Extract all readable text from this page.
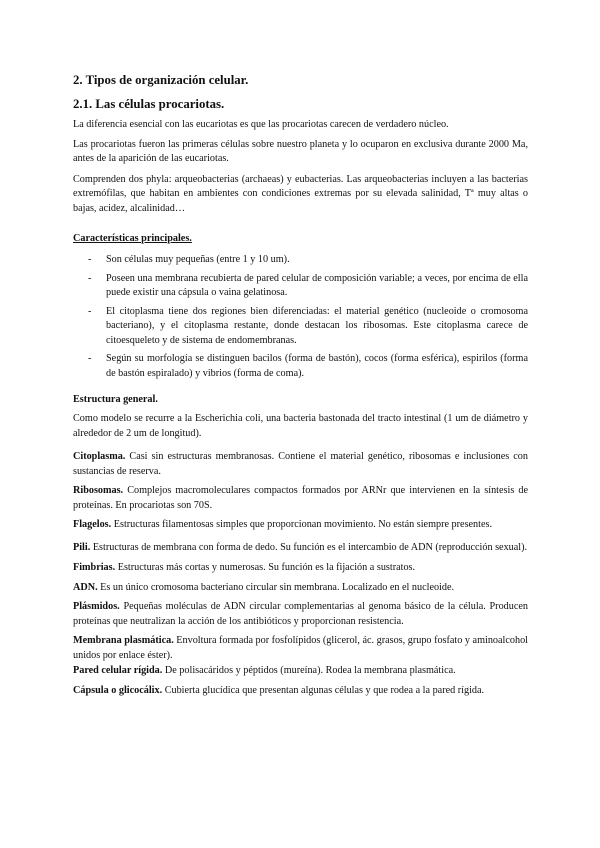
2. Tipos de organización celular.
2.1. Las células procariotas.

La diferencia esencial con las eucariotas es que las procariotas carecen de verdadero núcleo.

Las procariotas fueron las primeras células sobre nuestro planeta y lo ocuparon en exclusiva durante 2000 Ma, antes de la aparición de las eucariotas.

Comprenden dos phyla: arqueobacterias (archaeas) y eubacterias. Las arqueobacterias incluyen a las bacterias extremófilas, que habitan en ambientes con condiciones extremas por su elevada salinidad, Tª muy altas o bajas, acidez, alcalinidad…

Características principales.
- Son células muy pequeñas (entre 1 y 10 um).
- Poseen una membrana recubierta de pared celular de composición variable; a veces, por encima de ella puede existir una cápsula o vaina gelatinosa.
- El citoplasma tiene dos regiones bien diferenciadas: el material genético (nucleoide o cromosoma bacteriano), y el citoplasma restante, donde destacan los ribosomas. Este citoplasma carece de citoesqueleto y de sistema de endomembranas.
- Según su morfología se distinguen bacilos (forma de bastón), cocos (forma esférica), espirilos (forma de bastón espiralado) y vibrios (forma de coma).
Estructura general.

Como modelo se recurre a la Escherichia coli, una bacteria bastonada del tracto intestinal (1 um de diámetro y alrededor de 2 um de longitud).

Citoplasma. Casi sin estructuras membranosas. Contiene el material genético, ribosomas e inclusiones con sustancias de reserva.

Ribosomas. Complejos macromoleculares compactos formados por ARNr que intervienen en la síntesis de proteínas. En procariotas son 70S.

Flagelos. Estructuras filamentosas simples que proporcionan movimiento. No están siempre presentes.

Pili. Estructuras de membrana con forma de dedo. Su función es el intercambio de ADN (reproducción sexual).

Fimbrias. Estructuras más cortas y numerosas. Su función es la fijación a sustratos.

ADN. Es un único cromosoma bacteriano circular sin membrana. Localizado en el nucleoide.

Plásmidos. Pequeñas moléculas de ADN circular complementarias al genoma básico de la célula. Producen proteínas que neutralizan la acción de los antibióticos y proporcionan resistencia.

Membrana plasmática. Envoltura formada por fosfolípidos (glicerol, ác. grasos, grupo fosfato y aminoalcohol unidos por enlace éster).

Pared celular rígida. De polisacáridos y péptidos (mureína). Rodea la membrana plasmática.

Cápsula o glicocálix. Cubierta glucídica que presentan algunas células y que rodea a la pared rígida.
